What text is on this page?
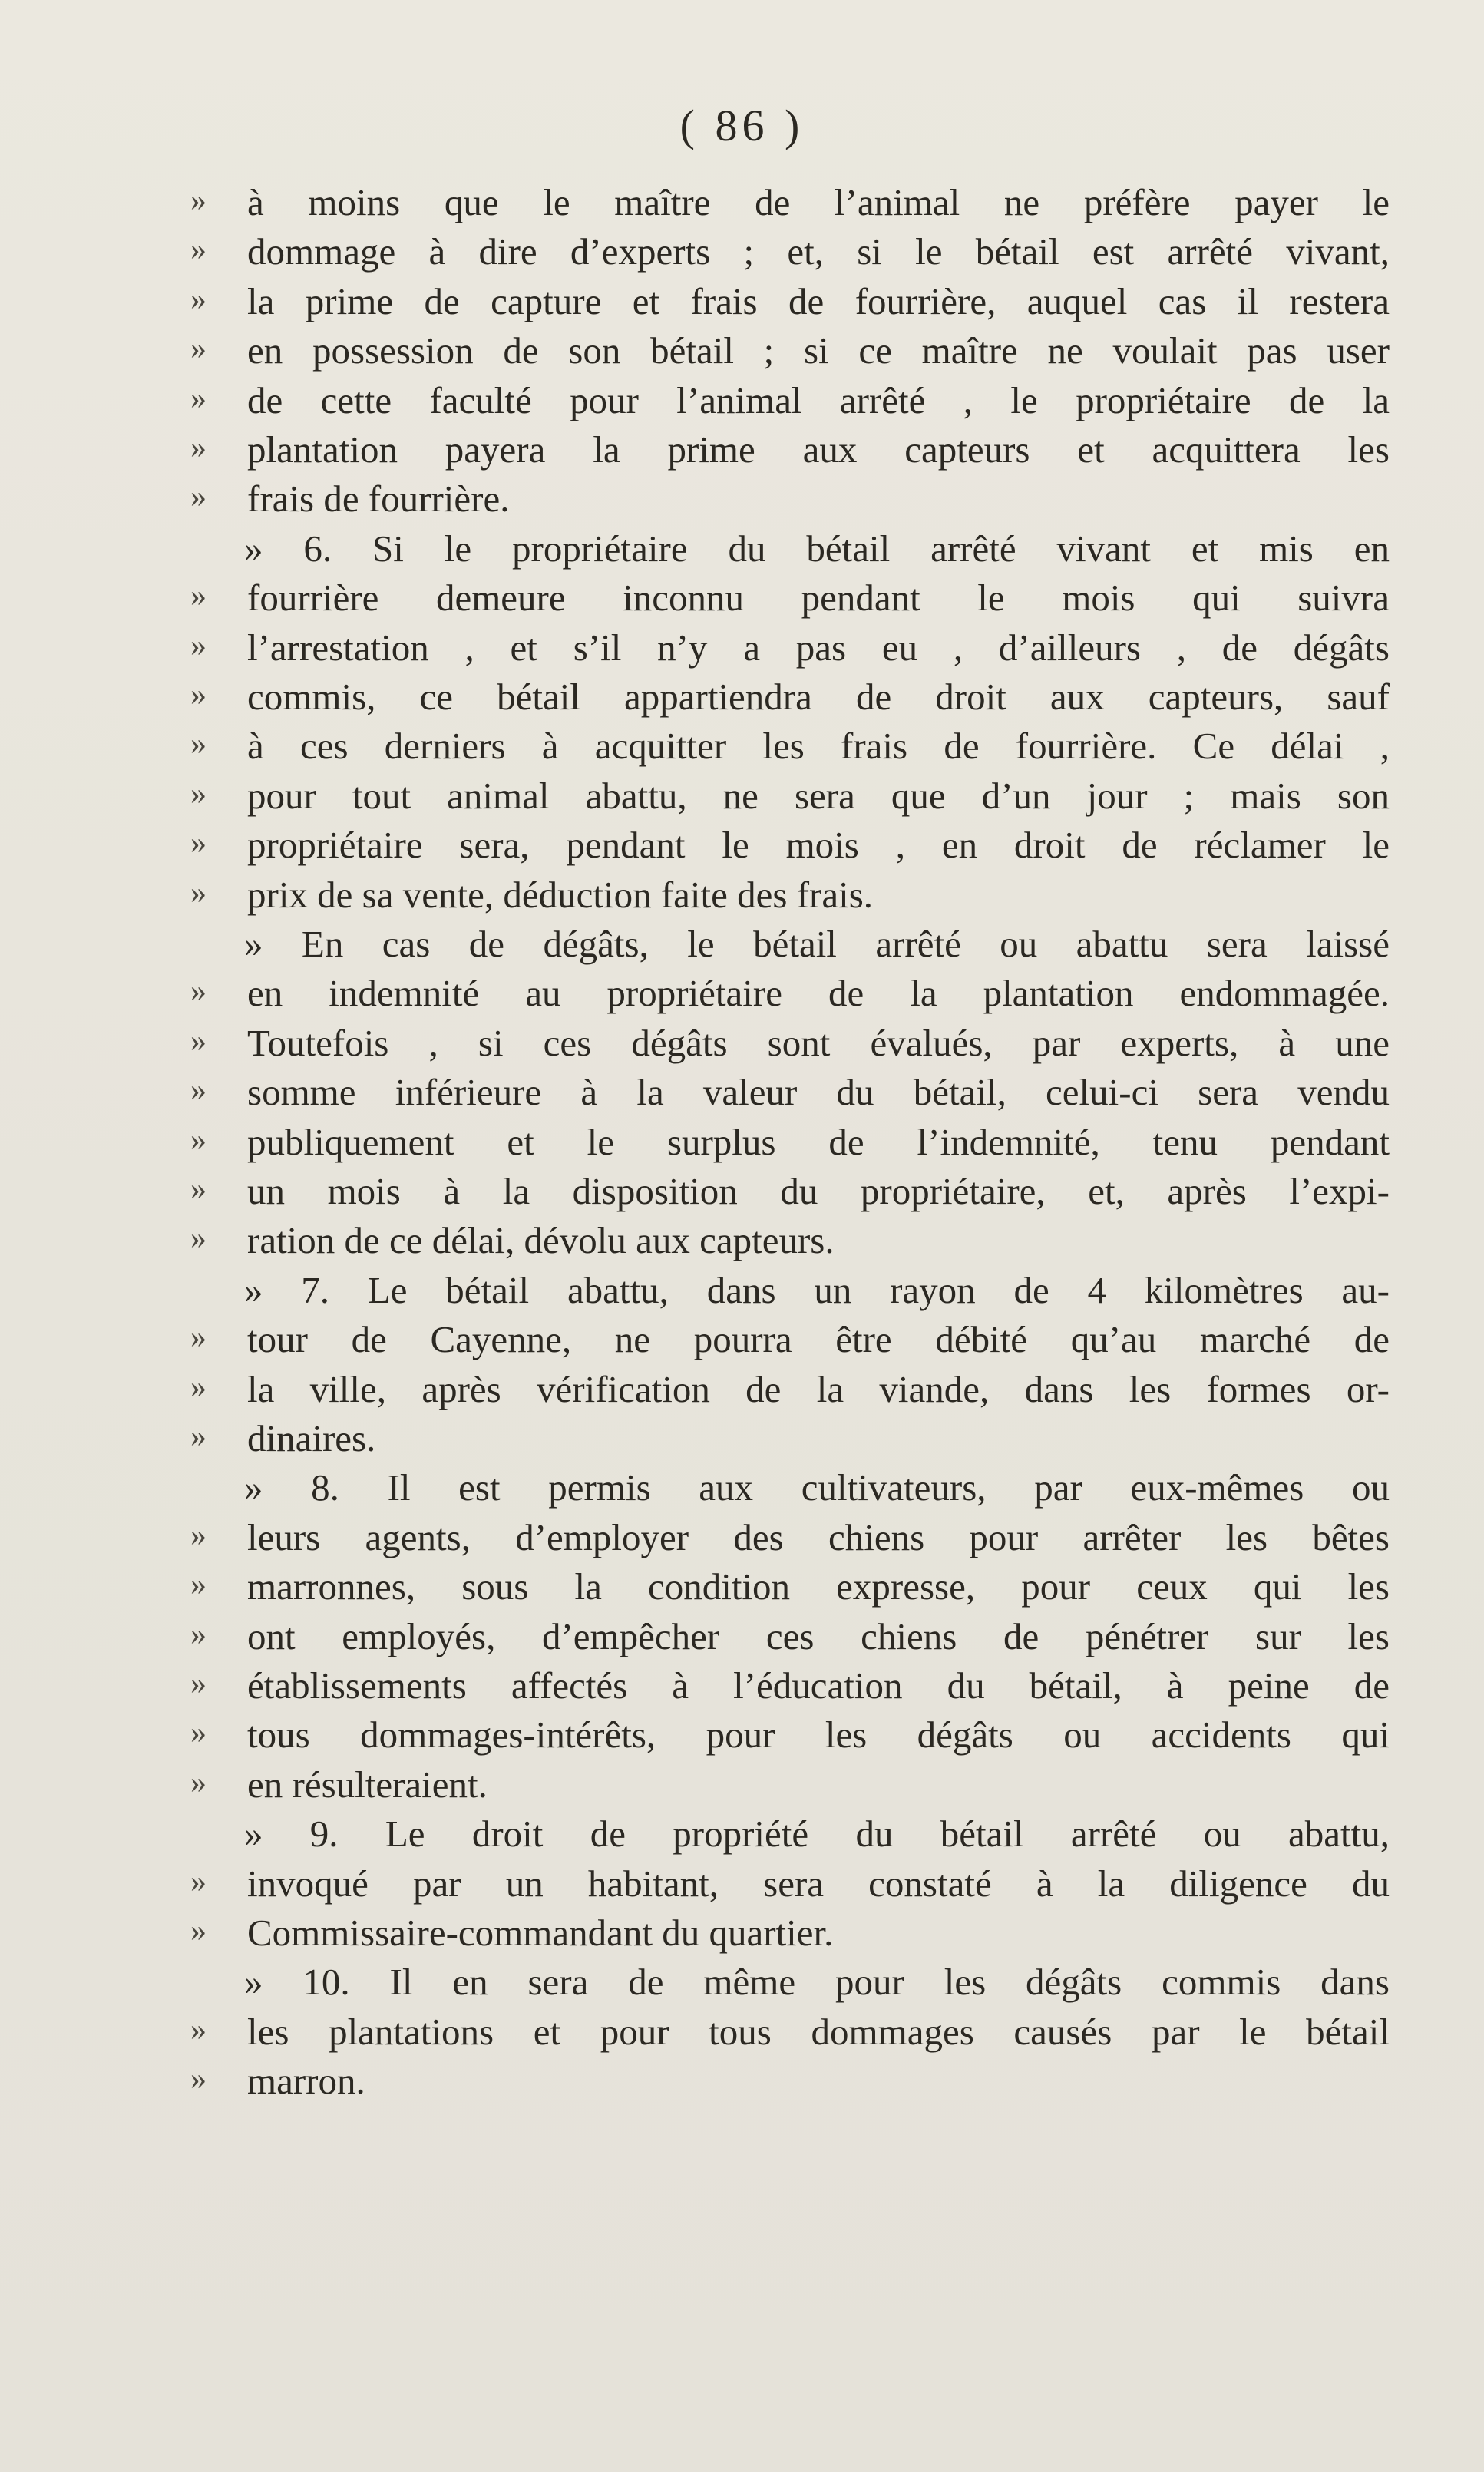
( 86 )
»	à moins que le maître de l’animal ne préfère payer le
»	dommage à dire d’experts ; et, si le bétail est arrêté vivant,
»	la prime de capture et frais de fourrière, auquel cas il restera
»	en possession de son bétail ; si ce maître ne voulait pas user
»	de cette faculté pour l’animal arrêté , le propriétaire de la
»	plantation payera la prime aux capteurs et acquittera les
»	frais de fourrière.
» 6. Si le propriétaire du bétail arrêté vivant et mis en
»	fourrière demeure inconnu pendant le mois qui suivra
»	l’arrestation , et s’il n’y a pas eu , d’ailleurs , de dégâts
»	commis, ce bétail appartiendra de droit aux capteurs, sauf
»	à ces derniers à acquitter les frais de fourrière. Ce délai ,
»	pour tout animal abattu, ne sera que d’un jour ; mais son
»	propriétaire sera, pendant le mois , en droit de réclamer le
»	prix de sa vente, déduction faite des frais.
» En cas de dégâts, le bétail arrêté ou abattu sera laissé
»	en indemnité au propriétaire de la plantation endommagée.
»	Toutefois , si ces dégâts sont évalués, par experts, à une
»	somme inférieure à la valeur du bétail, celui-ci sera vendu
»	publiquement et le surplus de l’indemnité, tenu pendant
»	un mois à la disposition du propriétaire, et, après l’expi-
»	ration de ce délai, dévolu aux capteurs.
» 7. Le bétail abattu, dans un rayon de 4 kilomètres au-
»	tour de Cayenne, ne pourra être débité qu’au marché de
»	la ville, après vérification de la viande, dans les formes or-
»	dinaires.
» 8. Il est permis aux cultivateurs, par eux-mêmes ou
»	leurs agents, d’employer des chiens pour arrêter les bêtes
»	marronnes, sous la condition expresse, pour ceux qui les
»	ont employés, d’empêcher ces chiens de pénétrer sur les
»	établissements affectés à l’éducation du bétail, à peine de
»	tous dommages-intérêts, pour les dégâts ou accidents qui
»	en résulteraient.
» 9. Le droit de propriété du bétail arrêté ou abattu,
»	invoqué par un habitant, sera constaté à la diligence du
»	Commissaire-commandant du quartier.
» 10. Il en sera de même pour les dégâts commis dans
»	les plantations et pour tous dommages causés par le bétail
»	marron.
